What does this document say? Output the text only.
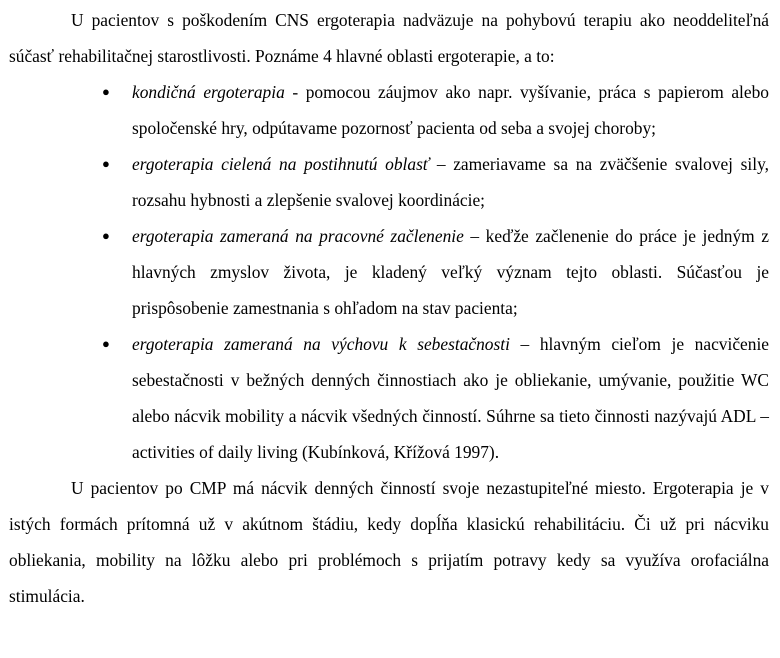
U pacientov s poškodením CNS ergoterapia nadväzuje na pohybovú terapiu ako neoddeliteľná súčasť rehabilitačnej starostlivosti. Poznáme 4 hlavné oblasti ergoterapie, a to:

● kondičná ergoterapia - pomocou záujmov ako napr. vyšívanie, práca s papierom alebo spoločenské hry, odpútavame pozornosť pacienta od seba a svojej choroby;
● ergoterapia cielená na postihnutú oblasť – zameriavame sa na zväčšenie svalovej sily, rozsahu hybnosti a zlepšenie svalovej koordinácie;
● ergoterapia zameraná na pracovné začlenenie – keďže začlenenie do práce je jedným z hlavných zmyslov života, je kladený veľký význam tejto oblasti. Súčasťou je prispôsobenie zamestnania s ohľadom na stav pacienta;
● ergoterapia zameraná na výchovu k sebestačnosti – hlavným cieľom je nacvičenie sebestačnosti v bežných denných činnostiach ako je obliekanie, umývanie, použitie WC alebo nácvik mobility a nácvik všedných činností. Súhrne sa tieto činnosti nazývajú ADL – activities of daily living (Kubínková, Křížová 1997).

U pacientov po CMP má nácvik denných činností svoje nezastupiteľné miesto. Ergoterapia je v istých formách prítomná už v akútnom štádiu, kedy dopĺňa klasickú rehabilitáciu. Či už pri nácviku obliekania, mobility na lôžku alebo pri problémoch s prijatím potravy kedy sa využíva orofaciálna stimulácia.
